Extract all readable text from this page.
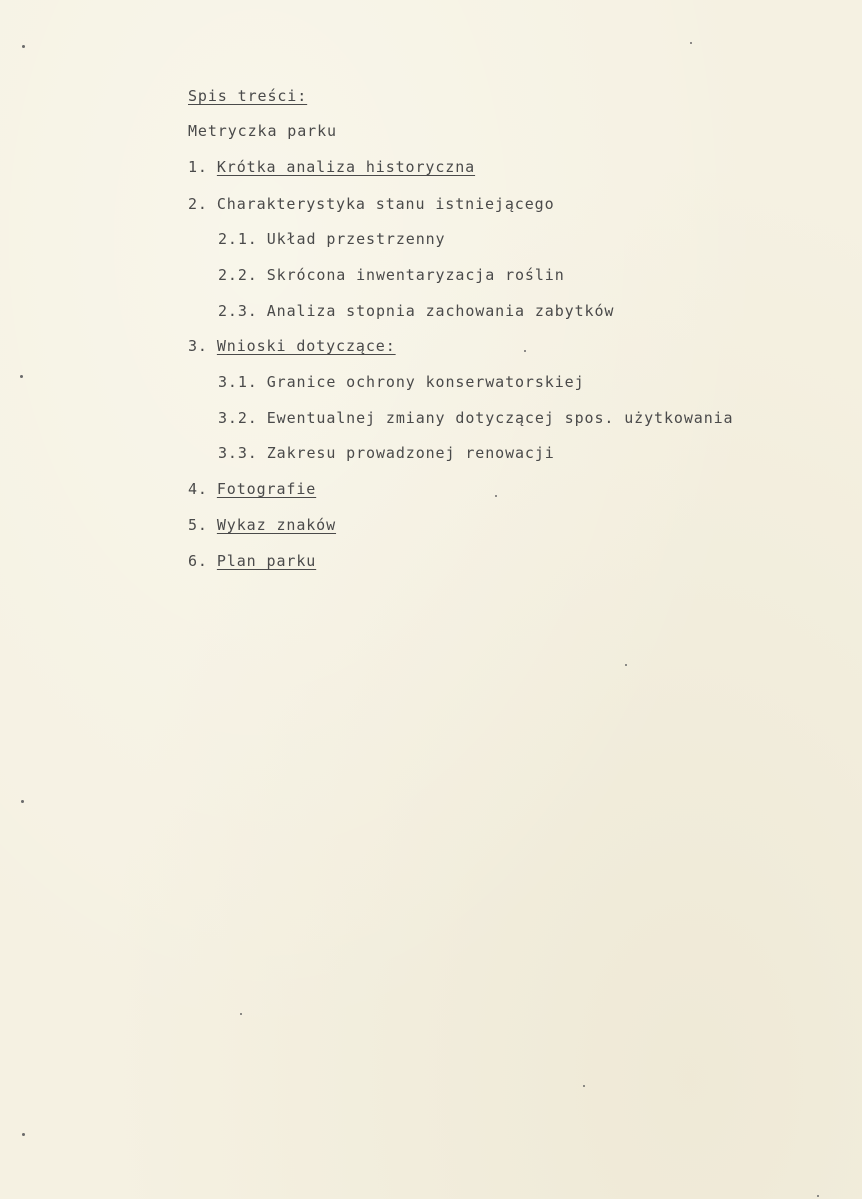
Spis treści:
Metryczka parku
1. Krótka analiza historyczna
2. Charakterystyka stanu istniejącego
2.1. Układ przestrzenny
2.2. Skrócona inwentaryzacja roślin
2.3. Analiza stopnia zachowania zabytków
3. Wnioski dotyczące:
3.1. Granice ochrony konserwatorskiej
3.2. Ewentualnej zmiany dotyczącej spos. użytkowania
3.3. Zakresu prowadzonej renowacji
4. Fotografie
5. Wykaz znaków
6. Plan parku
